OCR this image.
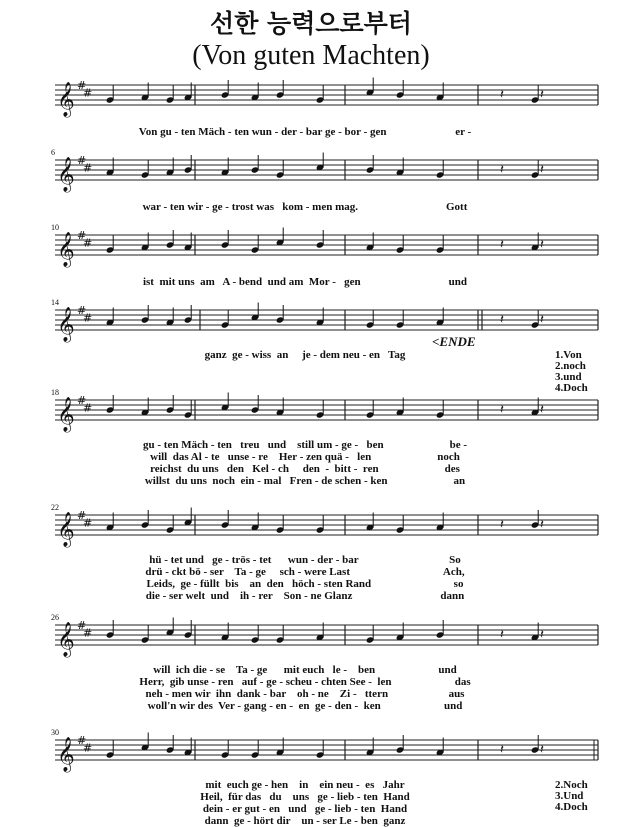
선한 능력으로부터
(Von guten Machten)
𝄞 #
#	𝄽	𝄽
Von gu - ten Mäch - ten wun - der - bar ge - bor - gen                         er -
𝄞 #
#	𝄽	𝄽
6
war - ten wir - ge - trost was   kom - men mag.                                Gott
𝄞 #
#	𝄽	𝄽
10
ist  mit uns  am   A - bend  und am  Mor -   gen                                und
𝄞 #
#	𝄽	𝄽
14
ganz  ge - wiss  an     je - dem neu - en   Tag	1.Von
2.noch
3.und
4.Doch
<ENDE
𝄞 #
#	𝄽	𝄽
18
gu - ten Mäch - ten   treu   und    still um - ge -   ben                        be -
will  das Al - te   unse - re    Her - zen quä -   len                        noch
reichst  du uns   den   Kel - ch     den  -  bitt -  ren                        des
willst  du uns  noch  ein - mal   Fren - de schen - ken                        an
𝄞 #
#	𝄽	𝄽
22
hü - tet und   ge - trös - tet      wun - der - bar                                 So
drü - ckt bö - ser    Ta - ge     sch - were Last                                  Ach,
Leids,  ge - füllt  bis    an  den   höch - sten Rand                              so
die - ser welt  und    ih - rer    Son - ne Glanz                                dann
𝄞 #
#	𝄽	𝄽
26
will  ich die - se    Ta - ge      mit euch   le -    ben                       und
Herr,  gib unse - ren   auf - ge - scheu - chten See -  len                       das
neh - men wir  ihn  dank - bar    oh - ne    Zi -   ttern                      aus
woll'n wir des  Ver - gang - en -  en  ge - den -  ken                       und
𝄞 #
#	𝄽	𝄽
30
mit  euch ge - hen    in    ein neu -  es   Jahr
Heil,  für das   du    uns   ge - lieb - ten  Hand
dein - er gut - en   und   ge - lieb - ten  Hand
dann  ge - hört dir    un - ser Le - ben  ganz
2.Noch
3.Und
4.Doch
